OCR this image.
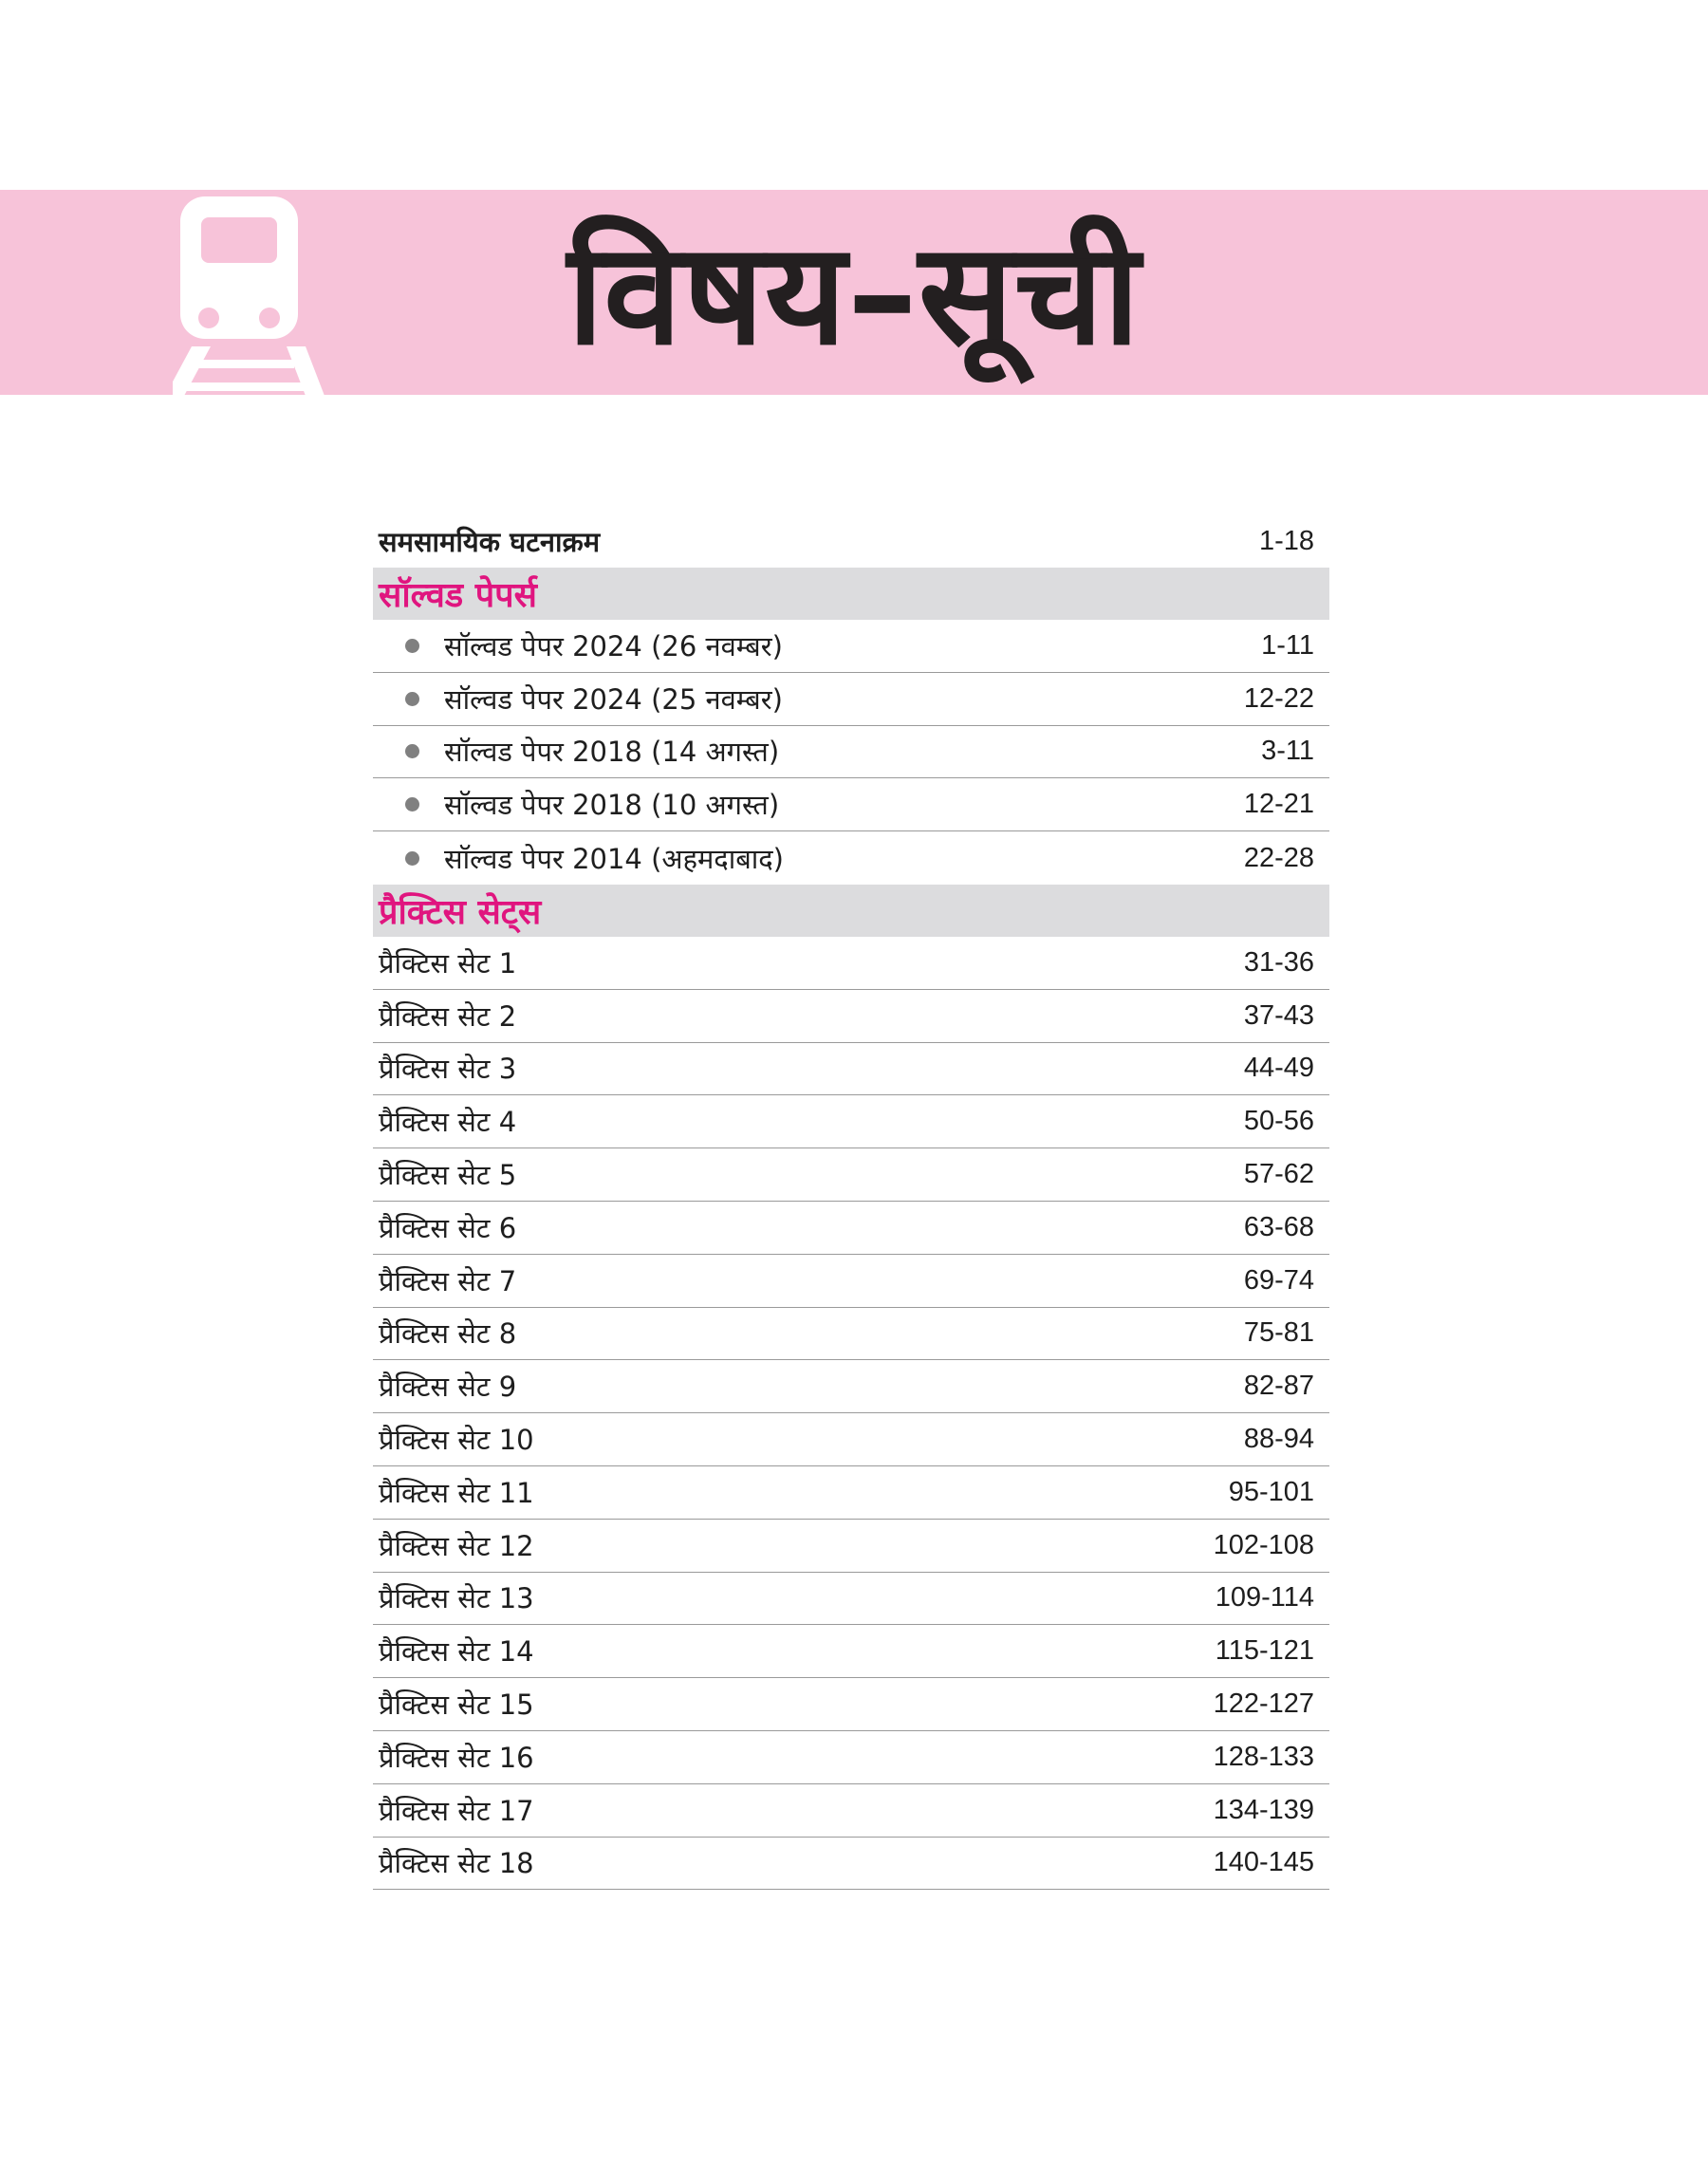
विषय–सूची
समसामयिक घटनाक्रम	1-18
सॉल्वड पेपर्स
सॉल्वड पेपर 2024 (26 नवम्बर)	1-11
सॉल्वड पेपर 2024 (25 नवम्बर)	12-22
सॉल्वड पेपर 2018 (14 अगस्त)	3-11
सॉल्वड पेपर 2018 (10 अगस्त)	12-21
सॉल्वड पेपर 2014 (अहमदाबाद)	22-28
प्रैक्टिस सेट्स
प्रैक्टिस सेट 1	31-36
प्रैक्टिस सेट 2	37-43
प्रैक्टिस सेट 3	44-49
प्रैक्टिस सेट 4	50-56
प्रैक्टिस सेट 5	57-62
प्रैक्टिस सेट 6	63-68
प्रैक्टिस सेट 7	69-74
प्रैक्टिस सेट 8	75-81
प्रैक्टिस सेट 9	82-87
प्रैक्टिस सेट 10	88-94
प्रैक्टिस सेट 11	95-101
प्रैक्टिस सेट 12	102-108
प्रैक्टिस सेट 13	109-114
प्रैक्टिस सेट 14	115-121
प्रैक्टिस सेट 15	122-127
प्रैक्टिस सेट 16	128-133
प्रैक्टिस सेट 17	134-139
प्रैक्टिस सेट 18	140-145
